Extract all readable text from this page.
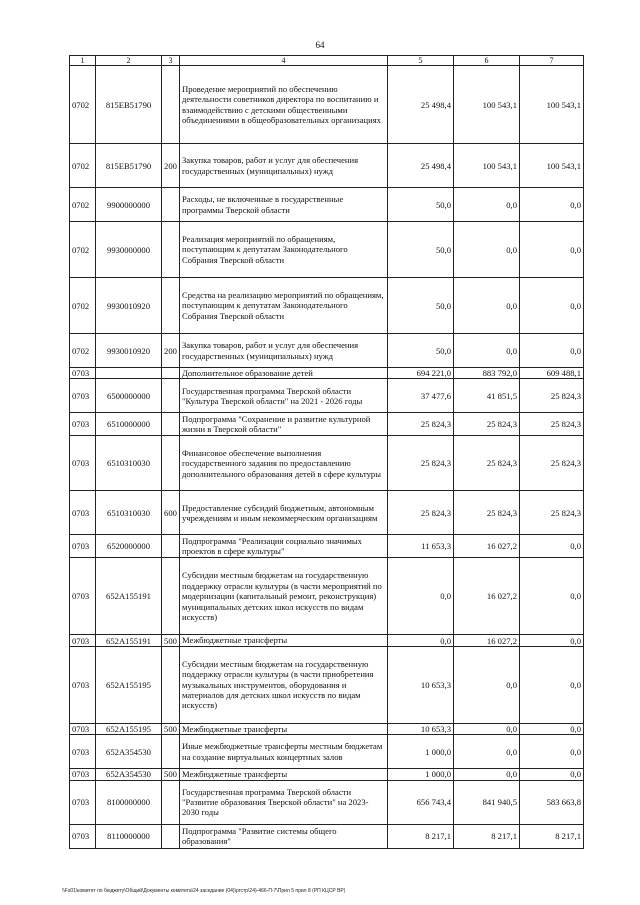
64
1	2	3	4	5	6	7
0702	815EВ51790		Проведение мероприятий по обеспечению деятельности советников директора по воспитанию и взаимодействию с детскими общественными объединениями в общеобразовательных организациях	25 498,4	100 543,1	100 543,1
0702	815EВ51790	200	Закупка товаров, работ и услуг для обеспечения государственных (муниципальных) нужд	25 498,4	100 543,1	100 543,1
0702	9900000000		Расходы, не включенные в государственные программы Тверской области	50,0	0,0	0,0
0702	9930000000		Реализация мероприятий по обращениям, поступающим к депутатам Законодательного Собрания Тверской области	50,0	0,0	0,0
0702	9930010920		Средства на реализацию мероприятий по обращениям, поступающим к депутатам Законодательного Собрания Тверской области	50,0	0,0	0,0
0702	9930010920	200	Закупка товаров, работ и услуг для обеспечения государственных (муниципальных) нужд	50,0	0,0	0,0
0703			Дополнительное образование детей	694 221,0	883 792,0	609 488,1
0703	6500000000		Государственная программа Тверской области "Культура Тверской области" на 2021 - 2026 годы	37 477,6	41 851,5	25 824,3
0703	6510000000		Подпрограмма "Сохранение и развитие культурной жизни в Тверской области"	25 824,3	25 824,3	25 824,3
0703	6510310030		Финансовое обеспечение выполнения государственного задания по предоставлению дополнительного образования детей в сфере культуры	25 824,3	25 824,3	25 824,3
0703	6510310030	600	Предоставление субсидий бюджетным, автономным учреждениям и иным некоммерческим организациям	25 824,3	25 824,3	25 824,3
0703	6520000000		Подпрограмма "Реализация социально значимых проектов в сфере культуры"	11 653,3	16 027,2	0,0
0703	652A155191		Субсидии местным бюджетам на государственную поддержку отрасли культуры (в части мероприятий по модернизации (капитальный ремонт, реконструкция) муниципальных детских школ искусств по видам искусств)	0,0	16 027,2	0,0
0703	652A155191	500	Межбюджетные трансферты	0,0	16 027,2	0,0
0703	652A155195		Субсидии местным бюджетам на государственную поддержку отрасли культуры (в части приобретения музыкальных инструментов, оборудования и материалов для детских школ искусств по видам искусств)	10 653,3	0,0	0,0
0703	652A155195	500	Межбюджетные трансферты	10 653,3	0,0	0,0
0703	652A354530		Иные межбюджетные трансферты местным бюджетам на создание виртуальных концертных залов	1 000,0	0,0	0,0
0703	652A354530	500	Межбюджетные трансферты	1 000,0	0,0	0,0
0703	8100000000		Государственная программа Тверской области "Развитие образования Тверской области" на 2023-2030 годы	656 743,4	841 940,5	583 663,8
0703	8110000000		Подпрограмма "Развитие системы общего образования"	8 217,1	8 217,1	8 217,1
\\Fs01\комитет по бюджету\Общий\Документы комитета\24 заседание (04)\ргстр\24)-466-П-7\Прил 5 прил 8 (РП КЦСР ВР)
